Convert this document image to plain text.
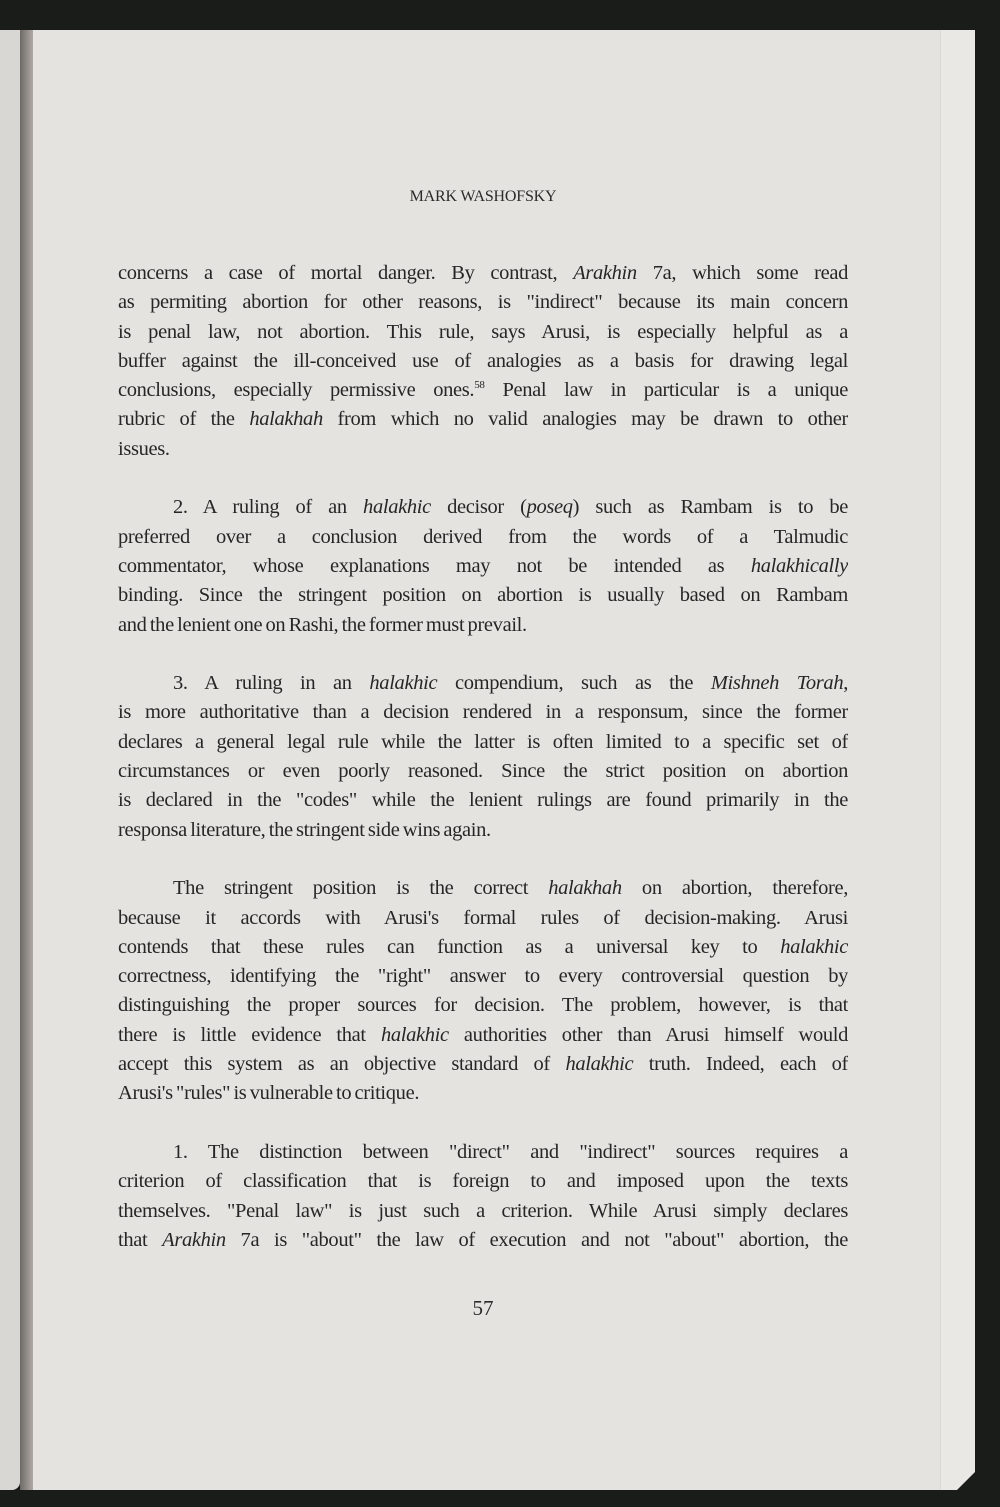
MARK WASHOFSKY
concerns a case of mortal danger. By contrast, Arakhin 7a, which some read
as permiting abortion for other reasons, is "indirect" because its main concern
is penal law, not abortion. This rule, says Arusi, is especially helpful as a
buffer against the ill-conceived use of analogies as a basis for drawing legal
conclusions, especially permissive ones.$^{58}$ Penal law in particular is a unique
rubric of the halakhah from which no valid analogies may be drawn to other
issues.
2. A ruling of an halakhic decisor (poseq) such as Rambam is to be
preferred over a conclusion derived from the words of a Talmudic
commentator, whose explanations may not be intended as halakhically
binding. Since the stringent position on abortion is usually based on Rambam
and the lenient one on Rashi, the former must prevail.
3. A ruling in an halakhic compendium, such as the Mishneh Torah,
is more authoritative than a decision rendered in a responsum, since the former
declares a general legal rule while the latter is often limited to a specific set of
circumstances or even poorly reasoned. Since the strict position on abortion
is declared in the "codes" while the lenient rulings are found primarily in the
responsa literature, the stringent side wins again.
The stringent position is the correct halakhah on abortion, therefore,
because it accords with Arusi's formal rules of decision-making. Arusi
contends that these rules can function as a universal key to halakhic
correctness, identifying the "right" answer to every controversial question by
distinguishing the proper sources for decision. The problem, however, is that
there is little evidence that halakhic authorities other than Arusi himself would
accept this system as an objective standard of halakhic truth. Indeed, each of
Arusi's "rules" is vulnerable to critique.
1. The distinction between "direct" and "indirect" sources requires a
criterion of classification that is foreign to and imposed upon the texts
themselves. "Penal law" is just such a criterion. While Arusi simply declares
that Arakhin 7a is "about" the law of execution and not "about" abortion, the
57
